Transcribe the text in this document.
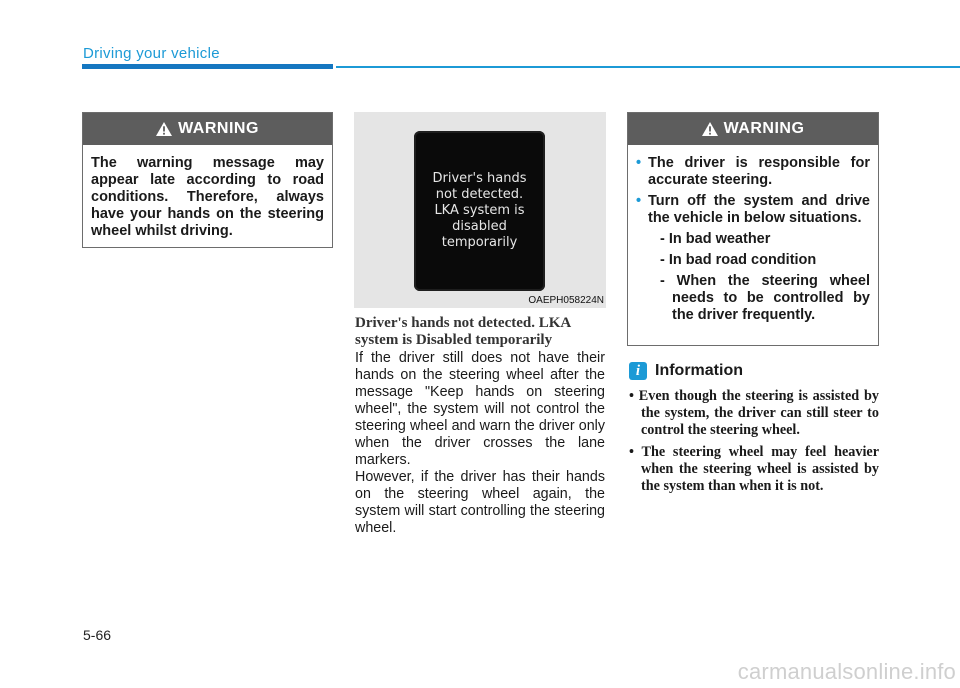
Driving your vehicle
WARNING
The warning message may appear late according to road conditions. Therefore, always have your hands on the steering wheel whilst driving.
Driver's hands
not detected.
LKA system is
disabled
temporarily
OAEPH058224N
Driver's hands not detected. LKA system is Disabled temporarily

If the driver still does not have their hands on the steering wheel after the message "Keep hands on steering wheel", the system will not control the steering wheel and warn the driver only when the driver crosses the lane markers.

However, if the driver has their hands on the steering wheel again, the system will start controlling the steering wheel.

WARNING
• The driver is responsible for accurate steering.
• Turn off the system and drive the vehicle in below situations.
- In bad weather
- In bad road condition
- When the steering wheel needs to be controlled by the driver frequently.
i Information
• Even though the steering is assisted by the system, the driver can still steer to control the steering wheel.
• The steering wheel may feel heavier when the steering wheel is assisted by the system than when it is not.
5-66
carmanualsonline.info
